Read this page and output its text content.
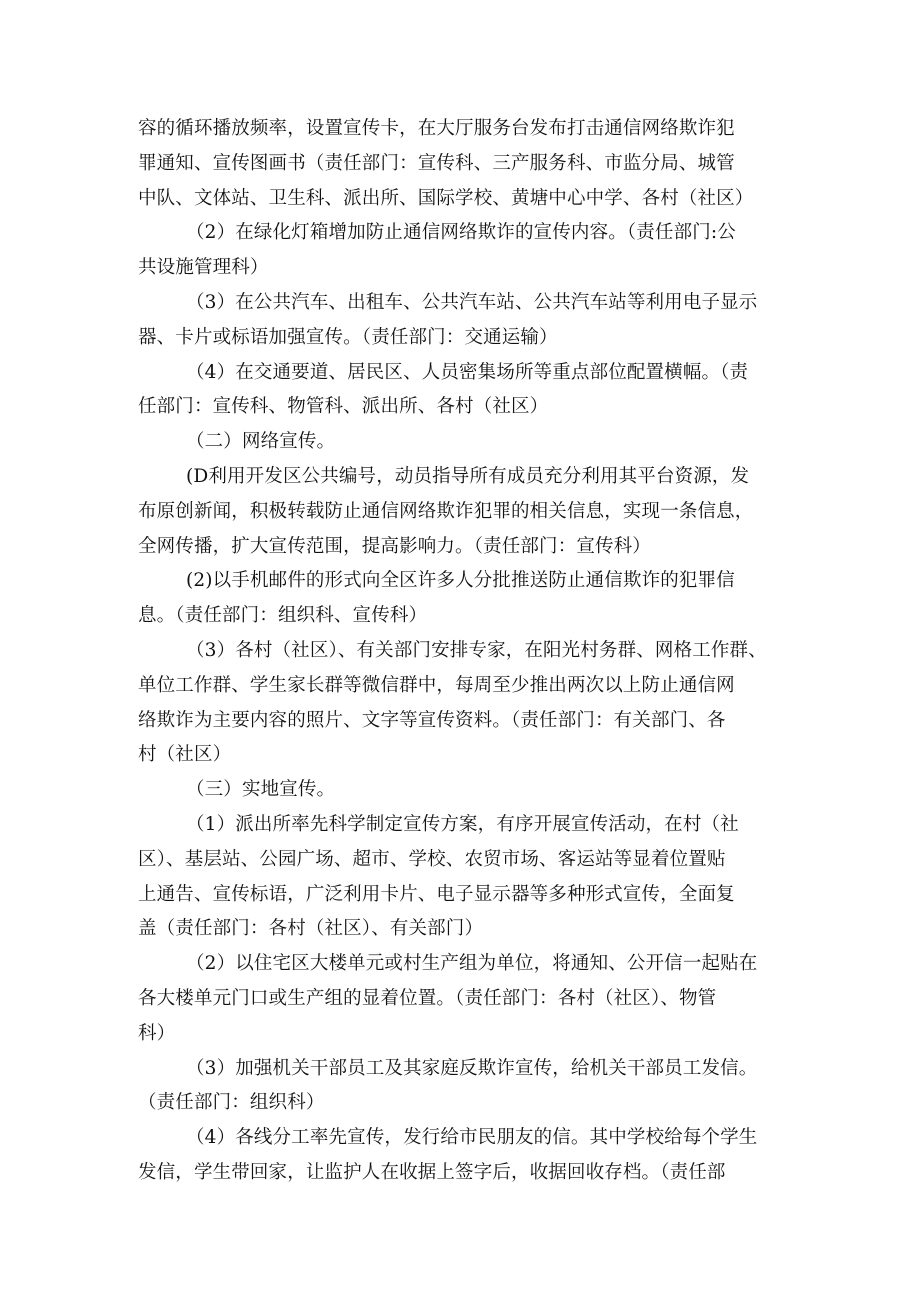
容的循环播放频率，设置宣传卡，在大厅服务台发布打击通信网络欺诈犯
罪通知、宣传图画书（责任部门：宣传科、三产服务科、市监分局、城管
中队、文体站、卫生科、派出所、国际学校、黄塘中心中学、各村（社区）
（2）在绿化灯箱增加防止通信网络欺诈的宣传内容。（责任部门:公
共设施管理科）
（3）在公共汽车、出租车、公共汽车站、公共汽车站等利用电子显示
器、卡片或标语加强宣传。（责任部门：交通运输）
（4）在交通要道、居民区、人员密集场所等重点部位配置横幅。（责
任部门：宣传科、物管科、派出所、各村（社区）
（二）网络宣传。
(D利用开发区公共编号，动员指导所有成员充分利用其平台资源，发
布原创新闻，积极转载防止通信网络欺诈犯罪的相关信息，实现一条信息，
全网传播，扩大宣传范围，提高影响力。（责任部门：宣传科）
(2)以手机邮件的形式向全区许多人分批推送防止通信欺诈的犯罪信
息。（责任部门：组织科、宣传科）
（3）各村（社区）、有关部门安排专家，在阳光村务群、网格工作群、
单位工作群、学生家长群等微信群中，每周至少推出两次以上防止通信网
络欺诈为主要内容的照片、文字等宣传资料。（责任部门：有关部门、各
村（社区）
（三）实地宣传。
（1）派出所率先科学制定宣传方案，有序开展宣传活动，在村（社
区）、基层站、公园广场、超市、学校、农贸市场、客运站等显着位置贴
上通告、宣传标语，广泛利用卡片、电子显示器等多种形式宣传，全面复
盖（责任部门：各村（社区）、有关部门）
（2）以住宅区大楼单元或村生产组为单位，将通知、公开信一起贴在
各大楼单元门口或生产组的显着位置。（责任部门：各村（社区）、物管
科）
（3）加强机关干部员工及其家庭反欺诈宣传，给机关干部员工发信。
（责任部门：组织科）
（4）各线分工率先宣传，发行给市民朋友的信。其中学校给每个学生
发信，学生带回家，让监护人在收据上签字后，收据回收存档。（责任部
